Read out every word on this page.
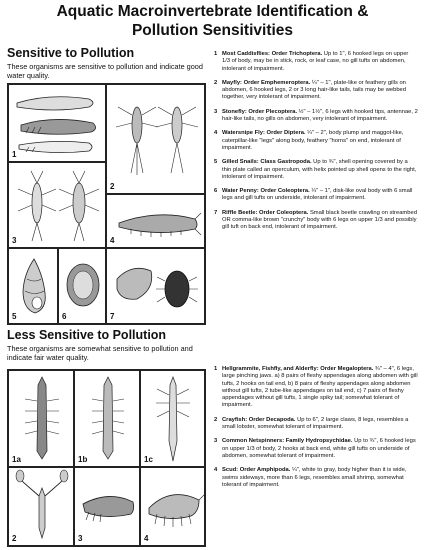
Aquatic Macroinvertebrate Identification &
Pollution Sensitivities
Sensitive to Pollution
These organisms are sensitive to pollution and indicate good water quality.
1
2
3	4
5	6	7
1 Most Caddisflies: Order Trichoptera. Up to 1", 6 hooked legs on upper 1/3 of body, may be in stick, rock, or leaf case, no gill tufts on abdomen, intolerant of impairment.
2 Mayfly: Order Emphemeroptera. ¼" – 1", plate-like or feathery gills on abdomen, 6 hooked legs, 2 or 3 long hair-like tails, tails may be webbed together, very intolerant of impairment.
3 Stonefly: Order Plecoptera. ½" – 1½", 6 legs with hooked tips, antennae, 2 hair-like tails, no gills on abdomen, very intolerant of impairment.
4 Watersnipe Fly: Order Diptera. ¼" – 2", body plump and maggot-like, caterpillar-like "legs" along body, feathery "horns" on end, intolerant of impairment.
5 Gilled Snails: Class Gastropoda. Up to ¾", shell opening covered by a thin plate called an operculum, with helix pointed up shell opens to the right, intolerant of impairment.
6 Water Penny: Order Coleoptera. ¼" – 1", disk-like oval body with 6 small legs and gill tufts on underside, intolerant of impairment.
7 Riffle Beetle: Order Coleoptera. Small black beetle crawling on streambed OR comma-like brown "crunchy" body with 6 legs on upper 1/3 and possibly gill tuft on back end, intolerant of impairment.
Less Sensitive to Pollution
These organisms are somewhat sensitive to pollution and indicate fair water quality.
1a	1b	1c
2	3	4
1 Hellgrammite, Fishfly, and Alderfly: Order Megaloptera. ¾" – 4", 6 legs, large pinching jaws. a) 8 pairs of fleshy appendages along abdomen with gill tufts, 2 hooks on tail end, b) 8 pairs of fleshy appendages along abdomen without gill tufts, 2 tube-like appendages on tail end, c) 7 pairs of fleshy appendages without gill tufts, 1 single spiky tail; somewhat tolerant of impairment.
2 Crayfish: Order Decapoda. Up to 6", 2 large claws, 8 legs, resembles a small lobster, somewhat tolerant of impairment.
3 Common Netspinners: Family Hydropsychidae. Up to ¾", 6 hooked legs on upper 1/3 of body, 2 hooks at back end, white gill tufts on underside of abdomen, somewhat tolerant of impairment.
4 Scud: Order Amphipoda. ¼", white to gray, body higher than it is wide, swims sideways, more than 6 legs, resembles small shrimp, somewhat tolerant of impairment.
